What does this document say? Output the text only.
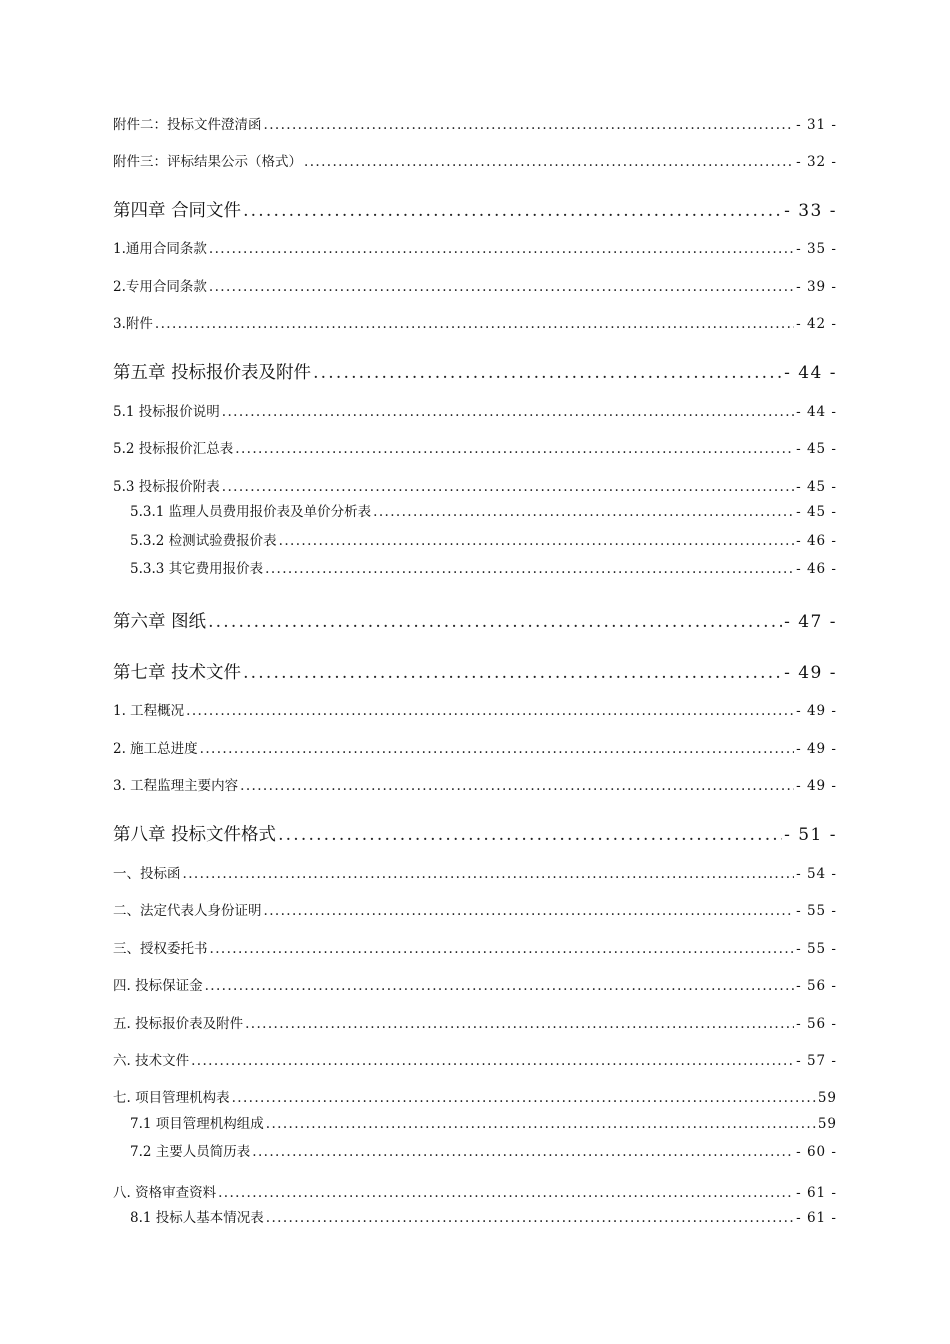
附件二：投标文件澄清函 .....	- 31 -
附件三：评标结果公示（格式） .....	- 32 -
第四章 合同文件 .....	- 33 -
1.通用合同条款 .....	- 35 -
2.专用合同条款 .....	- 39 -
3.附件 .....	- 42 -
第五章 投标报价表及附件 .....	- 44 -
5.1 投标报价说明 .....	- 44 -
5.2 投标报价汇总表 .....	- 45 -
5.3 投标报价附表 .....	- 45 -
5.3.1 监理人员费用报价表及单价分析表 .....	- 45 -
5.3.2 检测试验费报价表 .....	- 46 -
5.3.3 其它费用报价表 .....	- 46 -
第六章 图纸 .....	- 47 -
第七章 技术文件 .....	- 49 -
1. 工程概况 .....	- 49 -
2. 施工总进度 .....	- 49 -
3. 工程监理主要内容 .....	- 49 -
第八章 投标文件格式 .....	- 51 -
一、投标函 .....	- 54 -
二、法定代表人身份证明 .....	- 55 -
三、授权委托书 .....	- 55 -
四. 投标保证金 .....	- 56 -
五. 投标报价表及附件 .....	- 56 -
六. 技术文件 .....	- 57 -
七. 项目管理机构表 .....	59
7.1 项目管理机构组成 .....	59
7.2 主要人员简历表 .....	- 60 -
八. 资格审查资料 .....	- 61 -
8.1 投标人基本情况表 .....	- 61 -
